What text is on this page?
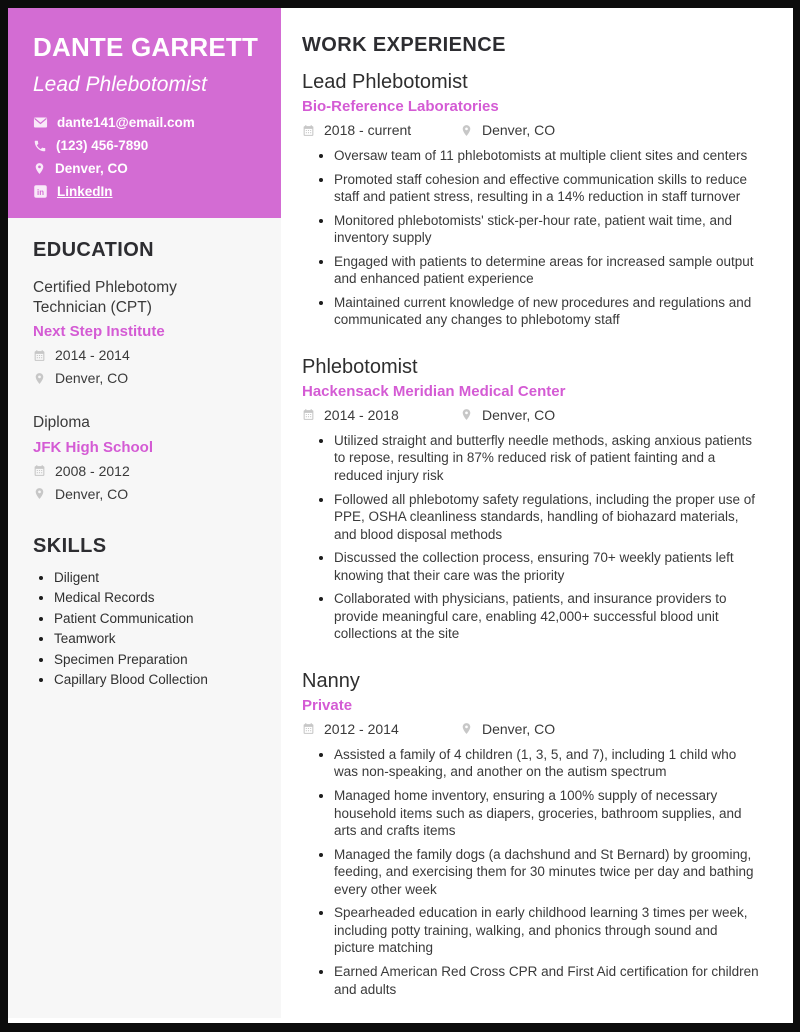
DANTE GARRETT
Lead Phlebotomist
dante141@email.com
(123) 456-7890
Denver, CO
in LinkedIn
EDUCATION
Certified Phlebotomy Technician (CPT)
Next Step Institute
2014 - 2014
Denver, CO
Diploma
JFK High School
2008 - 2012
Denver, CO
SKILLS
• Diligent
• Medical Records
• Patient Communication
• Teamwork
• Specimen Preparation
• Capillary Blood Collection
WORK EXPERIENCE
Lead Phlebotomist
Bio-Reference Laboratories
2018 - current	Denver, CO
• Oversaw team of 11 phlebotomists at multiple client sites and centers
• Promoted staff cohesion and effective communication skills to reduce staff and patient stress, resulting in a 14% reduction in staff turnover
• Monitored phlebotomists' stick-per-hour rate, patient wait time, and inventory supply
• Engaged with patients to determine areas for increased sample output and enhanced patient experience
• Maintained current knowledge of new procedures and regulations and communicated any changes to phlebotomy staff
Phlebotomist
Hackensack Meridian Medical Center
2014 - 2018	Denver, CO
• Utilized straight and butterfly needle methods, asking anxious patients to repose, resulting in 87% reduced risk of patient fainting and a reduced injury risk
• Followed all phlebotomy safety regulations, including the proper use of PPE, OSHA cleanliness standards, handling of biohazard materials, and blood disposal methods
• Discussed the collection process, ensuring 70+ weekly patients left knowing that their care was the priority
• Collaborated with physicians, patients, and insurance providers to provide meaningful care, enabling 42,000+ successful blood unit collections at the site
Nanny
Private
2012 - 2014	Denver, CO
• Assisted a family of 4 children (1, 3, 5, and 7), including 1 child who was non-speaking, and another on the autism spectrum
• Managed home inventory, ensuring a 100% supply of necessary household items such as diapers, groceries, bathroom supplies, and arts and crafts items
• Managed the family dogs (a dachshund and St Bernard) by grooming, feeding, and exercising them for 30 minutes twice per day and bathing every other week
• Spearheaded education in early childhood learning 3 times per week, including potty training, walking, and phonics through sound and picture matching
• Earned American Red Cross CPR and First Aid certification for children and adults
